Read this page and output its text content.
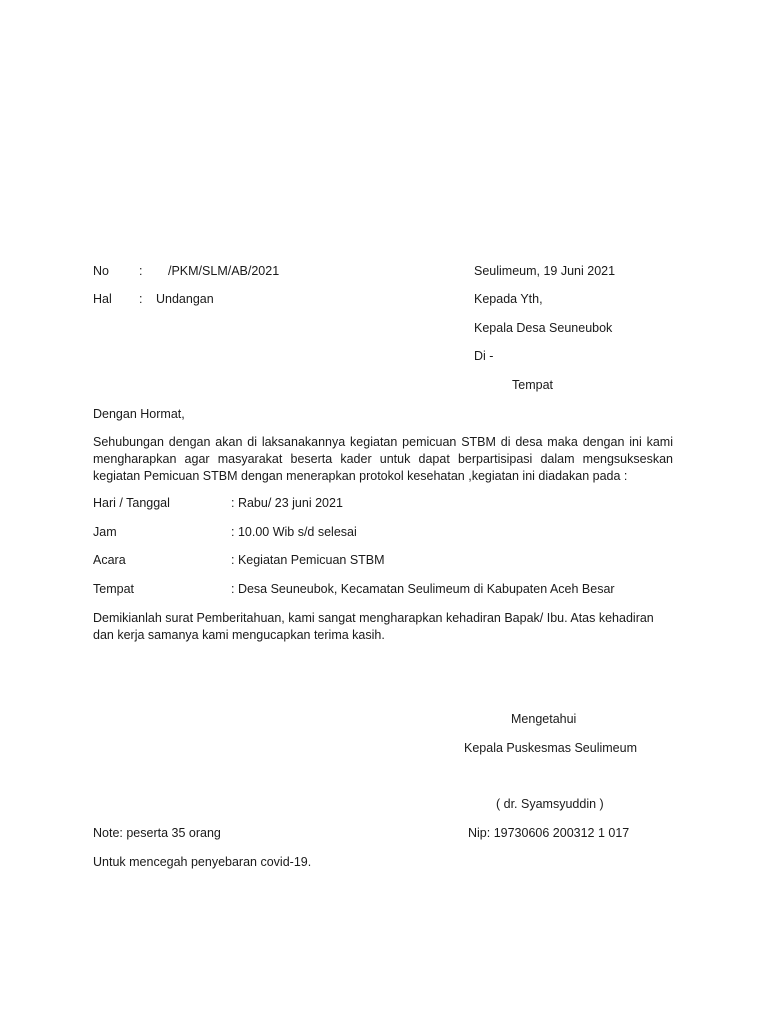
No : /PKM/SLM/AB/2021	Seulimeum, 19 Juni 2021
Hal : Undangan	Kepada Yth,
Kepala Desa Seuneubok
Di -
Tempat
Dengan Hormat,
Sehubungan dengan akan di laksanakannya kegiatan pemicuan STBM di desa maka dengan ini kami mengharapkan agar masyarakat beserta kader untuk dapat berpartisipasi dalam mengsukseskan kegiatan Pemicuan STBM dengan menerapkan protokol kesehatan ,kegiatan ini diadakan pada :
Hari / Tanggal	: Rabu/ 23 juni 2021
Jam	: 10.00 Wib s/d selesai
Acara	: Kegiatan Pemicuan STBM
Tempat	: Desa Seuneubok, Kecamatan Seulimeum di Kabupaten Aceh Besar
Demikianlah surat Pemberitahuan, kami sangat mengharapkan kehadiran Bapak/ Ibu. Atas kehadiran dan kerja samanya kami mengucapkan terima kasih.
Mengetahui
Kepala Puskesmas Seulimeum
( dr. Syamsyuddin )
Nip: 19730606 200312 1 017
Note: peserta 35 orang
Untuk mencegah penyebaran covid-19.
